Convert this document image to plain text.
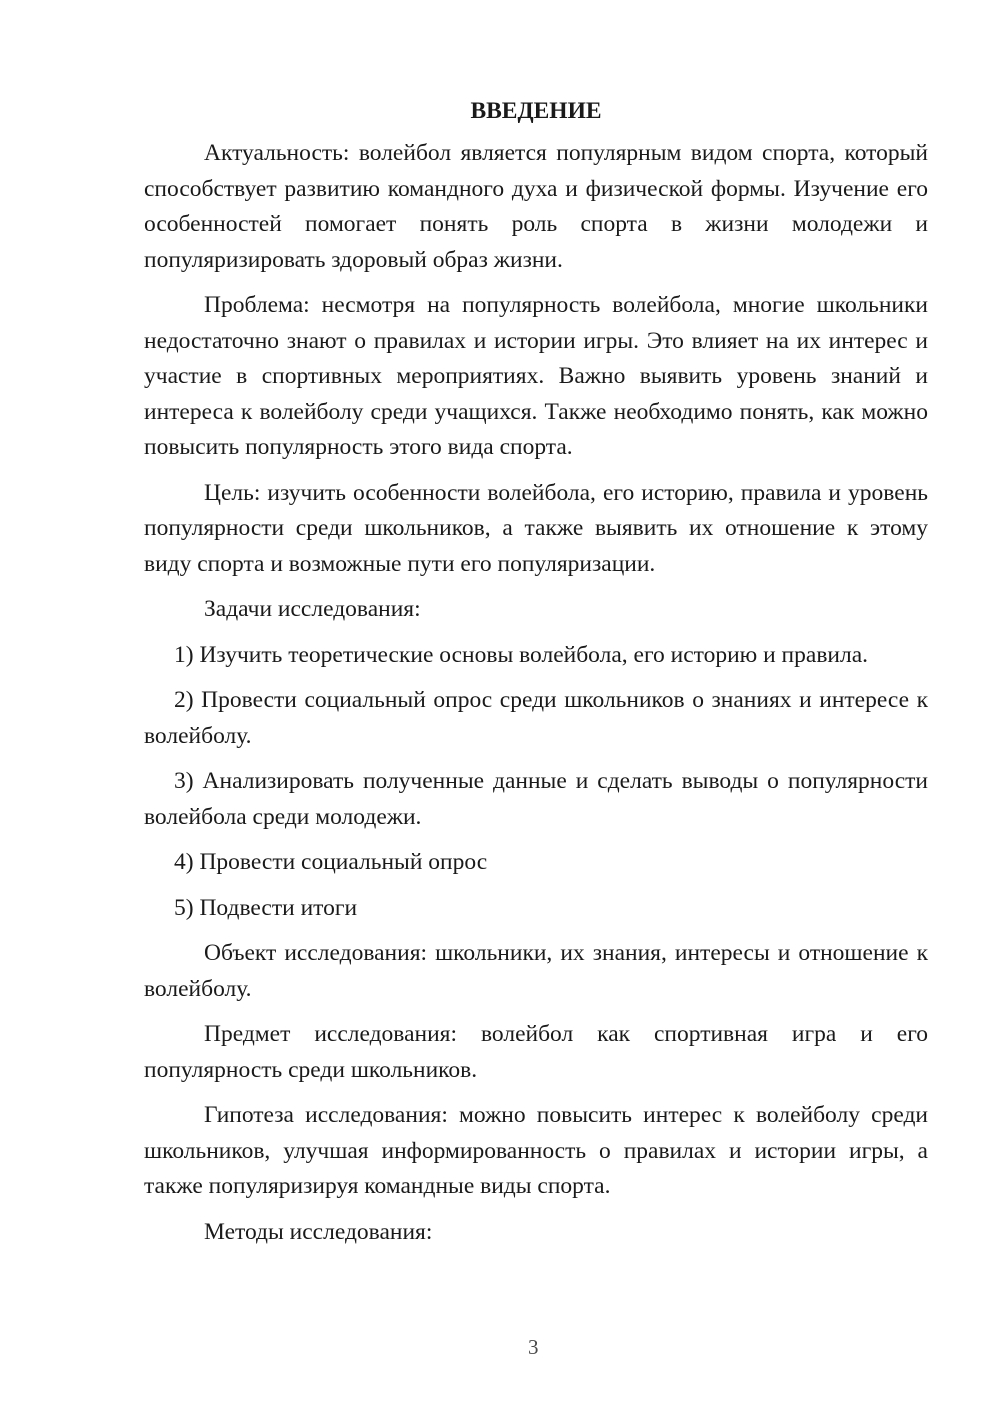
ВВЕДЕНИЕ

Актуальность: волейбол является популярным видом спорта, который способствует развитию командного духа и физической формы. Изучение его особенностей помогает понять роль спорта в жизни молодежи и популяризировать здоровый образ жизни.

Проблема: несмотря на популярность волейбола, многие школьники недостаточно знают о правилах и истории игры. Это влияет на их интерес и участие в спортивных мероприятиях. Важно выявить уровень знаний и интереса к волейболу среди учащихся. Также необходимо понять, как можно повысить популярность этого вида спорта.

Цель: изучить особенности волейбола, его историю, правила и уровень популярности среди школьников, а также выявить их отношение к этому виду спорта и возможные пути его популяризации.

Задачи исследования:

1) Изучить теоретические основы волейбола, его историю и правила.

2) Провести социальный опрос среди школьников о знаниях и интересе к волейболу.

3) Анализировать полученные данные и сделать выводы о популярности волейбола среди молодежи.

4) Провести социальный опрос

5) Подвести итоги

Объект исследования: школьники, их знания, интересы и отношение к волейболу.

Предмет исследования: волейбол как спортивная игра и его популярность среди школьников.

Гипотеза исследования: можно повысить интерес к волейболу среди школьников, улучшая информированность о правилах и истории игры, а также популяризируя командные виды спорта.

Методы исследования:

3
